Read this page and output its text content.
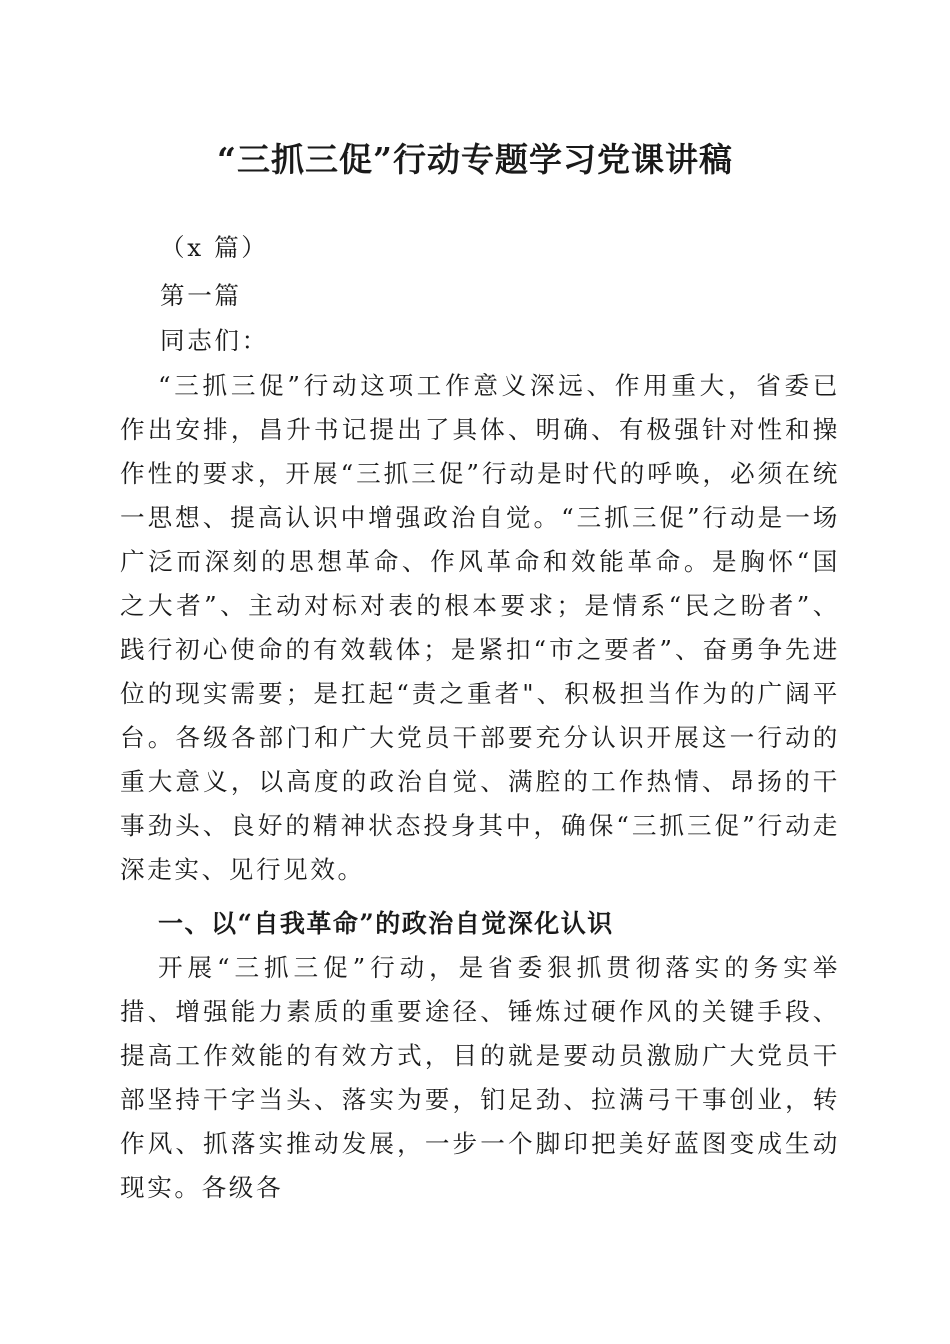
“三抓三促”行动专题学习党课讲稿
（x 篇）
第一篇
同志们：
“三抓三促”行动这项工作意义深远、作用重大，省委已作出安排，昌升书记提出了具体、明确、有极强针对性和操作性的要求，开展“三抓三促”行动是时代的呼唤，必须在统一思想、提高认识中增强政治自觉。“三抓三促”行动是一场广泛而深刻的思想革命、作风革命和效能革命。是胸怀“国之大者”、主动对标对表的根本要求；是情系“民之盼者”、践行初心使命的有效载体；是紧扣“市之要者”、奋勇争先进位的现实需要；是扛起“责之重者"、积极担当作为的广阔平台。各级各部门和广大党员干部要充分认识开展这一行动的重大意义，以高度的政治自觉、满腔的工作热情、昂扬的干事劲头、良好的精神状态投身其中，确保“三抓三促”行动走深走实、见行见效。
一、以“自我革命”的政治自觉深化认识
开展“三抓三促”行动，是省委狠抓贯彻落实的务实举措、增强能力素质的重要途径、锤炼过硬作风的关键手段、提高工作效能的有效方式，目的就是要动员激励广大党员干部坚持干字当头、落实为要，钔足劲、拉满弓干事创业，转作风、抓落实推动发展，一步一个脚印把美好蓝图变成生动现实。各级各
